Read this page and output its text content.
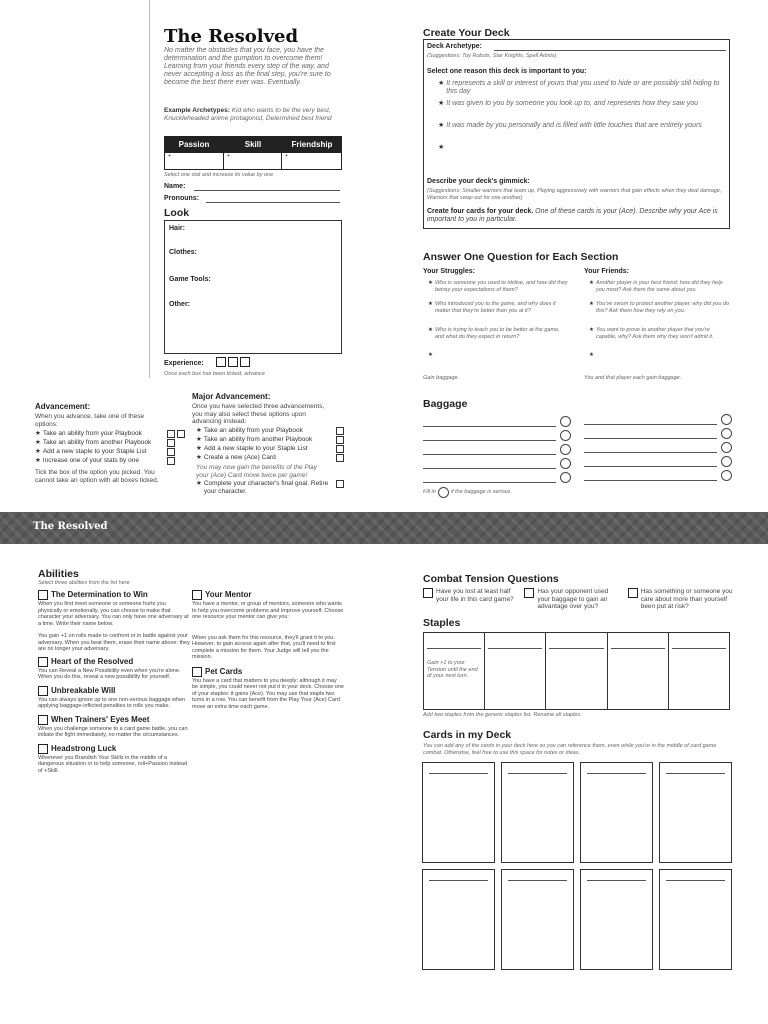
The Resolved
No matter the obstacles that you face, you have the determination and the gumption to overcome them! Learning from your friends every step of the way, and never accepting a loss as the final step, you're sure to become the best there ever was. Eventually.
Example Archetypes: Kid who wants to be the very best, Knuckleheaded anime protagonist, Determined best friend
Passion	Skill	Friendship
+	+	+
Select one stat and increase its value by one
Name:
Pronouns:
Look
Hair:
Clothes:
Game Tools:
Other:
Experience:
Once each box has been ticked, advance
Advancement:
When you advance, take one of these options:
★ Take an ability from your Playbook
★ Take an ability from another Playbook
★ Add a new staple to your Staple List
★ Increase one of your stats by one
Tick the box of the option you picked. You cannot take an option with all boxes ticked.
Major Advancement:
Once you have selected three advancements, you may also select these options upon advancing instead:
★ Take an ability from your Playbook
★ Take an ability from another Playbook
★ Add a new staple to your Staple List
★ Create a new (Ace) Card
You may now gain the benefits of the Play your (Ace) Card move twice per game!
★ Complete your character's final goal. Retire your character.
Create Your Deck
Deck Archetype:
(Suggestions: Toy Robots, Star Knights, Spell Artists)
Select one reason this deck is important to you:
★ It represents a skill or interest of yours that you used to hide or are possibly still hiding to this day
★ It was given to you by someone you look up to, and represents how they saw you
★ It was made by you personally and is filled with little touches that are entirely yours
★
Describe your deck's gimmick:
(Suggestions: Smaller warriors that team up, Playing aggressively with warriors that gain effects when they deal damage, Warriors that swap out for one another)
Create four cards for your deck. One of these cards is your (Ace). Describe why your Ace is important to you in particular.
Answer One Question for Each Section
Your Struggles:
★ Who is someone you used to idolise, and how did they betray your expectations of them?
★ Who introduced you to the game, and why does it matter that they're better than you at it?
★ Who is trying to teach you to be better at the game, and what do they expect in return?
★
Gain baggage.
Your Friends:
★ Another player is your best friend; how did they help you most? Ask them the same about you.
★ You've sworn to protect another player, why did you do this? Ask them how they rely on you.
★ You want to prove to another player that you're capable, why? Ask them why they won't admit it.
★
You and that player each gain baggage.
Baggage
Fill in	if the baggage is serious.
The Resolved
Abilities
Select three abilities from the list here
The Determination to Win
When you first meet someone or someone hurts you physically or emotionally, you can choose to make that character your adversary. You can only have one adversary at a time. Write their name below.
You gain +1 on rolls made to confront or in battle against your adversary. When you beat them, erase their name above; they are no longer your adversary.
Heart of the Resolved
You can Reveal a New Possibility even when you're alone. When you do this, reveal a new possibility for yourself.
Unbreakable Will
You can always ignore up to one non-serious baggage when applying baggage-inflicted penalties to rolls you make.
When Trainers' Eyes Meet
When you challenge someone to a card game battle, you can initiate the fight immediately, no matter the circumstances.
Headstrong Luck
Whenever you Brandish Your Skills in the middle of a dangerous situation or to help someone, roll+Passion instead of +Skill.
Your Mentor
You have a mentor, or group of mentors, someone who wants to help you overcome problems and improve yourself. Choose one resource your mentor can give you:
When you ask them for this resource, they'll grant it to you. However, to gain access again after that, you'll need to first complete a mission for them. Your Judge will tell you the mission.
Pet Cards
You have a card that matters to you deeply; although it may be simple, you could never not put it in your deck. Choose one of your staples: it gains (Ace). You may use that staple two turns in a row. You can benefit from the Play Your (Ace) Card move an extra time each game.
Combat Tension Questions
Have you lost at least half your life in this card game?
Has your opponent used your baggage to gain an advantage over you?
Has something or someone you care about more than yourself been put at risk?
Staples
Gain +1 to your Tension until the end of your next turn.
Add two staples from the generic staples list. Rename all staples.
Cards in my Deck
You can add any of the cards in your deck here so you can reference them, even while you're in the middle of card game combat. Otherwise, feel free to use this space for notes or ideas.
